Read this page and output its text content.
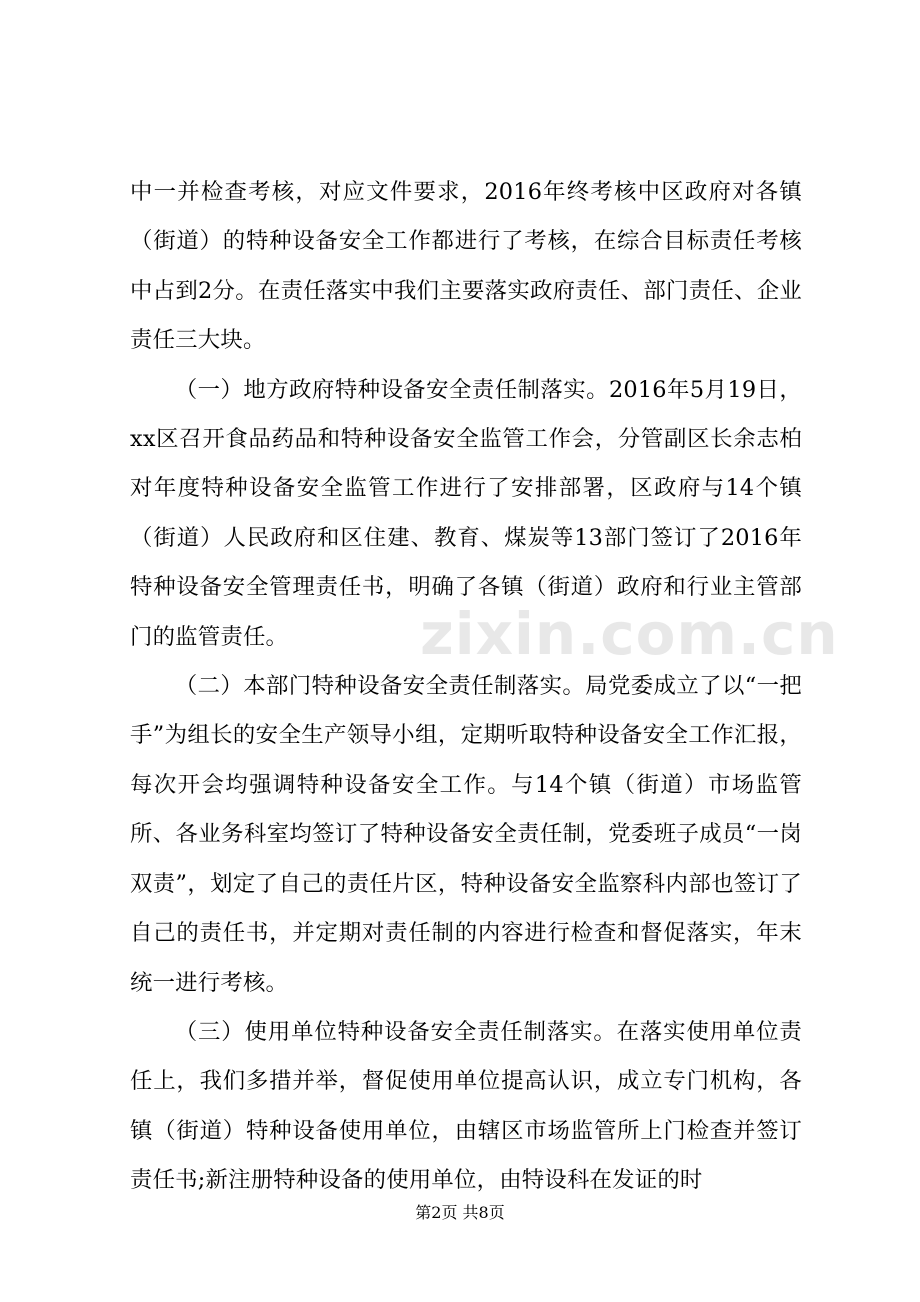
zixin.com.cn

中一并检查考核，对应文件要求，2016年终考核中区政府对各镇（街道）的特种设备安全工作都进行了考核，在综合目标责任考核中占到2分。在责任落实中我们主要落实政府责任、部门责任、企业责任三大块。

（一）地方政府特种设备安全责任制落实。2016年5月19日，xx区召开食品药品和特种设备安全监管工作会，分管副区长余志柏对年度特种设备安全监管工作进行了安排部署，区政府与14个镇（街道）人民政府和区住建、教育、煤炭等13部门签订了2016年特种设备安全管理责任书，明确了各镇（街道）政府和行业主管部门的监管责任。

（二）本部门特种设备安全责任制落实。局党委成立了以“一把手”为组长的安全生产领导小组，定期听取特种设备安全工作汇报，每次开会均强调特种设备安全工作。与14个镇（街道）市场监管所、各业务科室均签订了特种设备安全责任制，党委班子成员“一岗双责”，划定了自己的责任片区，特种设备安全监察科内部也签订了自己的责任书，并定期对责任制的内容进行检查和督促落实，年末统一进行考核。

（三）使用单位特种设备安全责任制落实。在落实使用单位责任上，我们多措并举，督促使用单位提高认识，成立专门机构，各镇（街道）特种设备使用单位，由辖区市场监管所上门检查并签订责任书;新注册特种设备的使用单位，由特设科在发证的时

第2页 共8页
